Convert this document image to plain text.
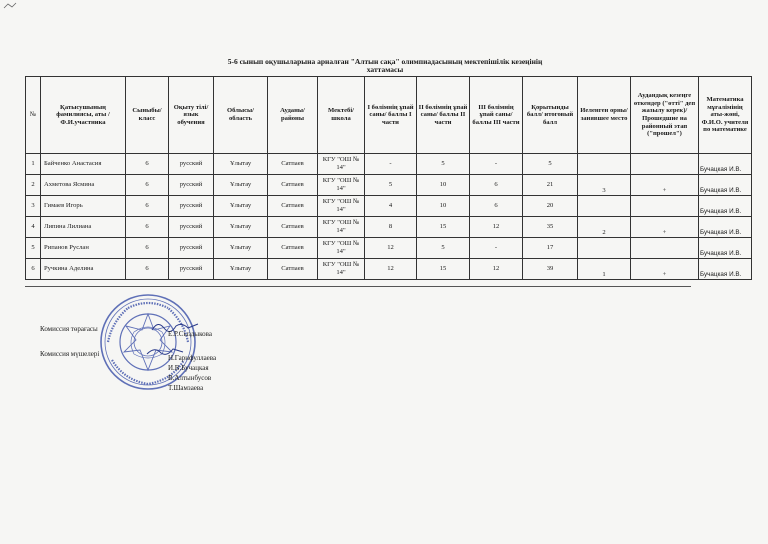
5-6 сынып оқушыларына арналған "Алтын сақа" олимпиадасының мектепішілік кезеңінің
хаттамасы
№	Қатысушының фамилиясы, аты /Ф.И.участника	Сыныбы/класс	Оқыту тілі/ язык обучения	Облысы/ область	Ауданы/ районы	Мектебі/ школа	I бөлімнің ұпай саны/ баллы I части	II бөлімнің ұпай саны/ баллы II части	III бөлімнің ұпай саны/ баллы III части	Қорытынды балл/ итоговый балл	Иеленген орны/ занявшее место	Аудандық кезеңге өткендер ("өтті" деп жазылу керек)/ Прошедшие на районный этап ("прошел")	Математика мұғалімінің аты-жөні, Ф.И.О. учителя по математике
1	Байченко Анастасия	6	русский	Ұлытау	Сатпаев	КГУ "ОШ № 14"	-	5	-	5			Бучацкая И.В.
2	Ахметова Ясмина	6	русский	Ұлытау	Сатпаев	КГУ "ОШ № 14"	5	10	6	21	3	+	Бучацкая И.В.
3	Гимаев Игорь	6	русский	Ұлытау	Сатпаев	КГУ "ОШ № 14"	4	10	6	20			Бучацкая И.В.
4	Липина Лилиана	6	русский	Ұлытау	Сатпаев	КГУ "ОШ № 14"	8	15	12	35	2	+	Бучацкая И.В.
5	Рипанов Руслан	6	русский	Ұлытау	Сатпаев	КГУ "ОШ № 14"	12	5	-	17			Бучацкая И.В.
6	Ручкина Аделина	6	русский	Ұлытау	Сатпаев	КГУ "ОШ № 14"	12	15	12	39	1	+	Бучацкая И.В.
Комиссия төрағасы
Е.Р.Сыздыкова
Комиссия мүшелері	Н.Гарифуллаева
И.В.Бучацкая
В.Алтынбусов
Т.Шамзаева
